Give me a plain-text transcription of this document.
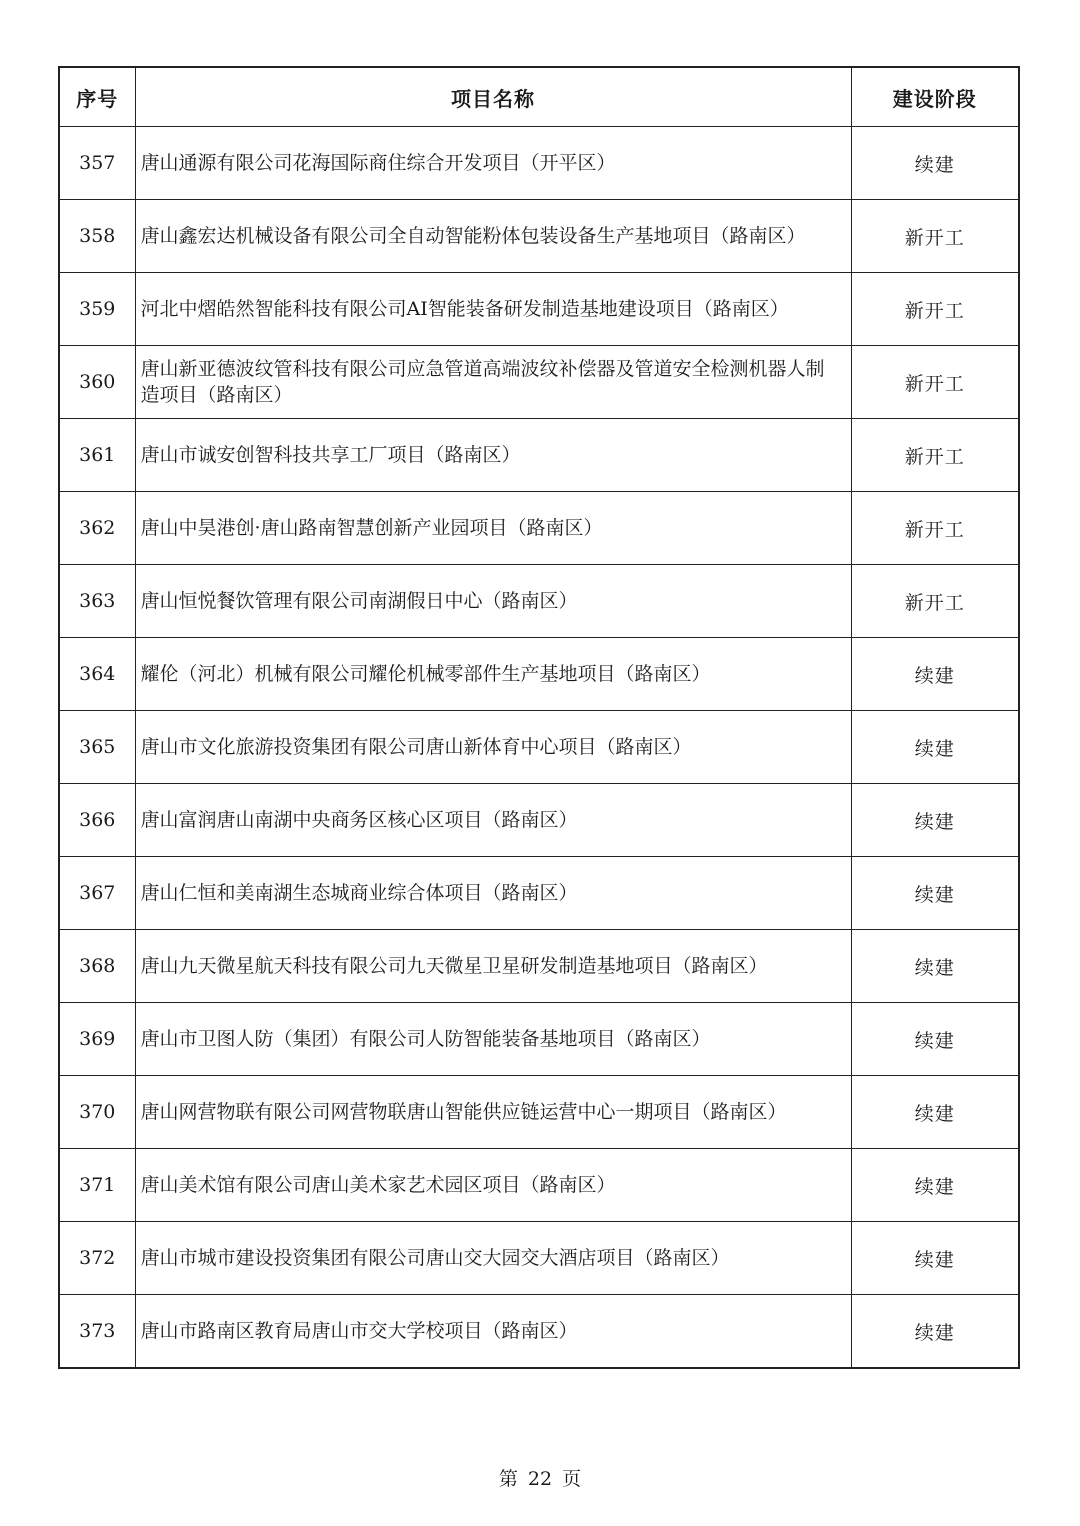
序号	项目名称	建设阶段
357	唐山通源有限公司花海国际商住综合开发项目（开平区）	续建
358	唐山鑫宏达机械设备有限公司全自动智能粉体包装设备生产基地项目（路南区）	新开工
359	河北中熠皓然智能科技有限公司AI智能装备研发制造基地建设项目（路南区）	新开工
360	唐山新亚德波纹管科技有限公司应急管道高端波纹补偿器及管道安全检测机器人制造项目（路南区）	新开工
361	唐山市诚安创智科技共享工厂项目（路南区）	新开工
362	唐山中昊港创·唐山路南智慧创新产业园项目（路南区）	新开工
363	唐山恒悦餐饮管理有限公司南湖假日中心（路南区）	新开工
364	耀伦（河北）机械有限公司耀伦机械零部件生产基地项目（路南区）	续建
365	唐山市文化旅游投资集团有限公司唐山新体育中心项目（路南区）	续建
366	唐山富润唐山南湖中央商务区核心区项目（路南区）	续建
367	唐山仁恒和美南湖生态城商业综合体项目（路南区）	续建
368	唐山九天微星航天科技有限公司九天微星卫星研发制造基地项目（路南区）	续建
369	唐山市卫图人防（集团）有限公司人防智能装备基地项目（路南区）	续建
370	唐山网营物联有限公司网营物联唐山智能供应链运营中心一期项目（路南区）	续建
371	唐山美术馆有限公司唐山美术家艺术园区项目（路南区）	续建
372	唐山市城市建设投资集团有限公司唐山交大园交大酒店项目（路南区）	续建
373	唐山市路南区教育局唐山市交大学校项目（路南区）	续建
第 22 页
